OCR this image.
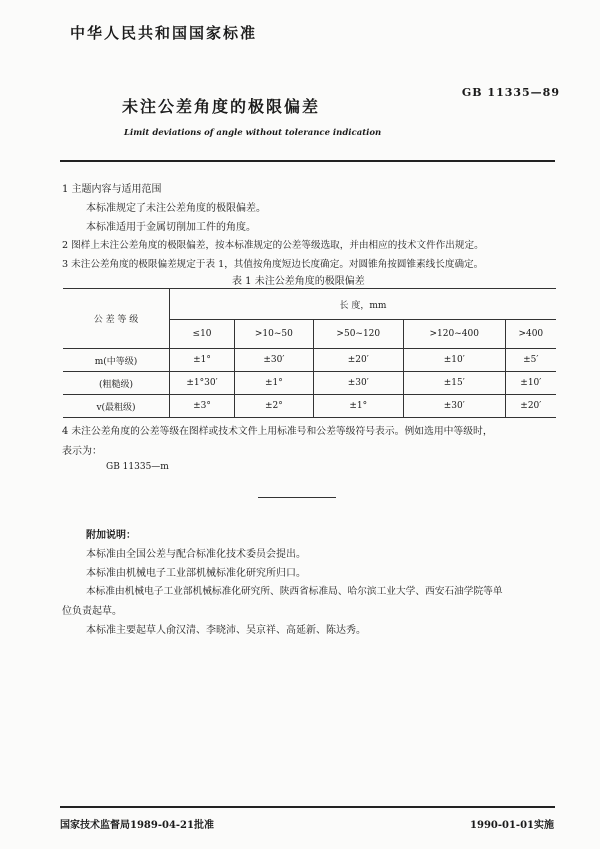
中华人民共和国国家标准
GB 11335—89
未注公差角度的极限偏差
Limit deviations of angle without tolerance indication
1 主题内容与适用范围
本标准规定了未注公差角度的极限偏差。
本标准适用于金属切削加工件的角度。
2 图样上未注公差角度的极限偏差，按本标准规定的公差等级选取，并由相应的技术文件作出规定。
3 未注公差角度的极限偏差规定于表 1，其值按角度短边长度确定。对圆锥角按圆锥素线长度确定。
表 1 未注公差角度的极限偏差
公 差 等 级	长 度，mm				
	≤10	>10~50	>50~120	>120~400	>400
m(中等级)	±1°	±30′	±20′	±10′	±5′
(粗糙级)	±1°30′	±1°	±30′	±15′	±10′
v(最粗级)	±3°	±2°	±1°	±30′	±20′
4 未注公差角度的公差等级在图样或技术文件上用标准号和公差等级符号表示。例如选用中等级时，
表示为：
GB 11335—m
附加说明：
本标准由全国公差与配合标准化技术委员会提出。
本标准由机械电子工业部机械标准化研究所归口。
本标准由机械电子工业部机械标准化研究所、陕西省标准局、哈尔滨工业大学、西安石油学院等单
位负责起草。
本标准主要起草人俞汉清、李晓沛、吴京祥、高延新、陈达秀。
国家技术监督局1989-04-21批准	1990-01-01实施
